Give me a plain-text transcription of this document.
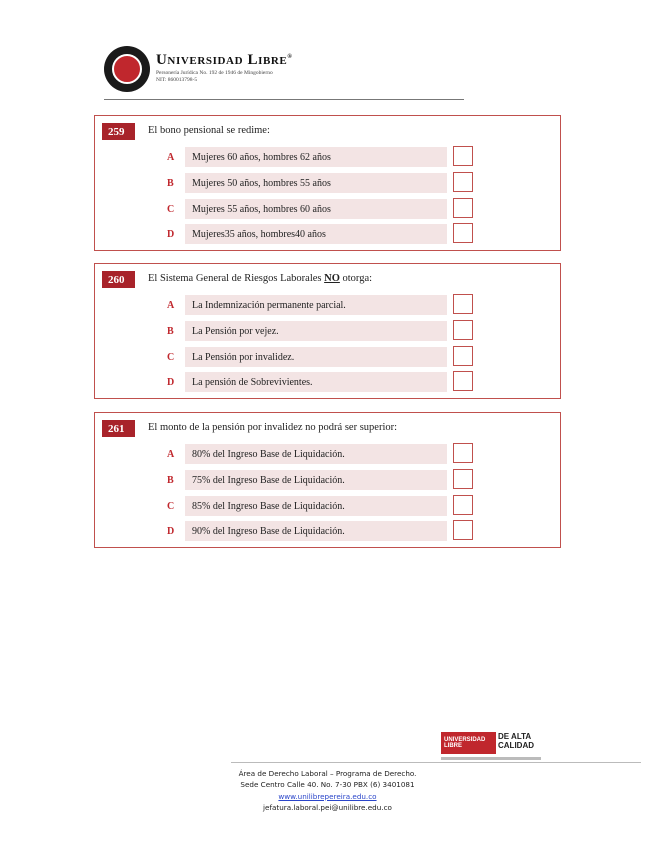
Universidad Libre®
Personería Jurídica No. 192 de 1946 de Mingobierno
NIT: 860013798-5
259	El bono pensional se redime:
A Mujeres 60 años, hombres 62 años
B Mujeres 50 años, hombres 55 años
C Mujeres 55 años, hombres 60 años
D Mujeres35 años, hombres40 años
260	El Sistema General de Riesgos Laborales NO otorga:
A La Indemnización permanente parcial.
B La Pensión por vejez.
C La Pensión por invalidez.
D La pensión de Sobrevivientes.
261	El monto de la pensión por invalidez no podrá ser superior:
A 80% del Ingreso Base de Liquidación.
B 75% del Ingreso Base de Liquidación.
C 85% del Ingreso Base de Liquidación.
D 90% del Ingreso Base de Liquidación.
UNIVERSIDAD LIBRE
DE ALTA CALIDAD
Área de Derecho Laboral – Programa de Derecho.
Sede Centro Calle 40. No. 7-30 PBX (6) 3401081
www.unilibrepereira.edu.co
jefatura.laboral.pei@unilibre.edu.co
